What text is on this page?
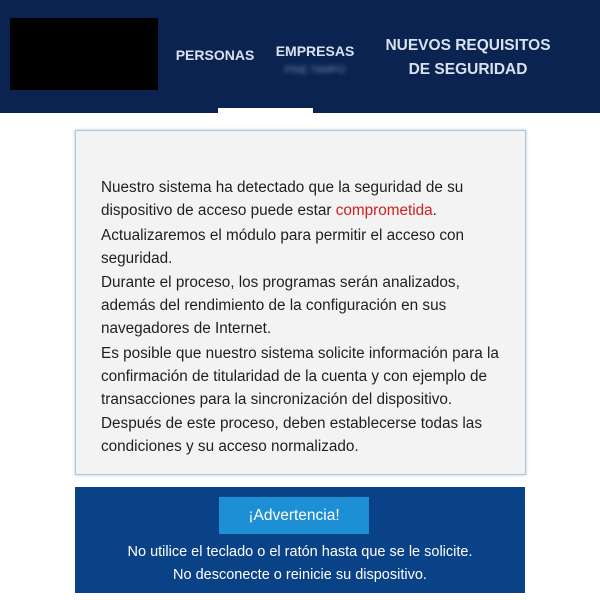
PERSONAS EMPRESAS
PINE TAMPO
NUEVOS REQUISITOS
DE SEGURIDAD

Nuestro sistema ha detectado que la seguridad de su dispositivo de acceso puede estar comprometida.

Actualizaremos el módulo para permitir el acceso con seguridad.

Durante el proceso, los programas serán analizados, además del rendimiento de la configuración en sus navegadores de Internet.

Es posible que nuestro sistema solicite información para la confirmación de titularidad de la cuenta y con ejemplo de transacciones para la sincronización del dispositivo.

Después de este proceso, deben establecerse todas las condiciones y su acceso normalizado.

¡Advertencia!
No utilice el teclado o el ratón hasta que se le solicite.
No desconecte o reinicie su dispositivo.
